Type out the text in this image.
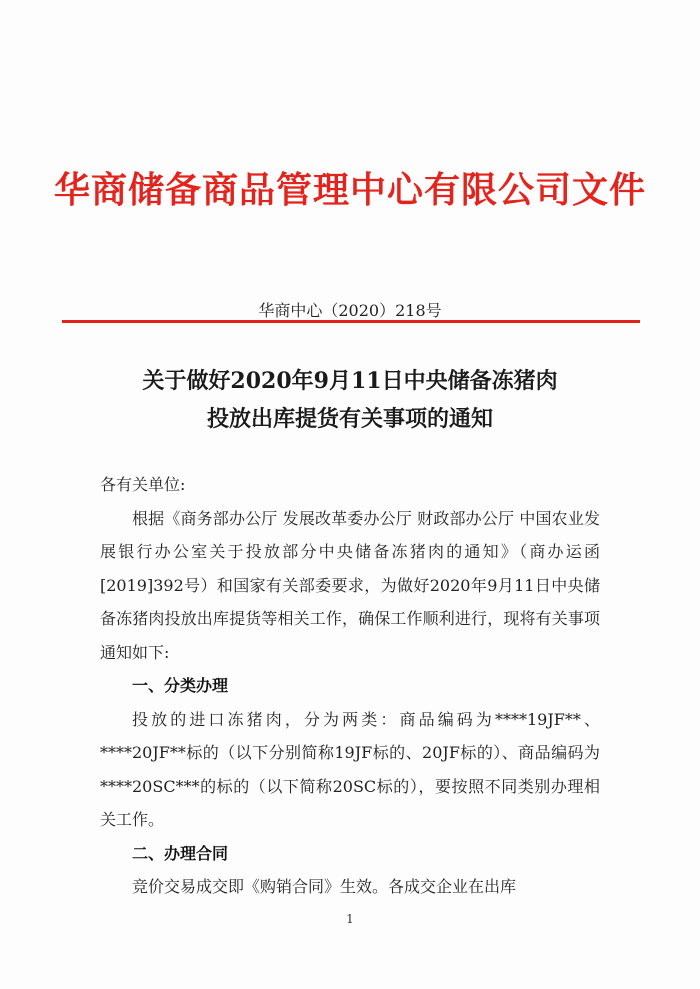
华商储备商品管理中心有限公司文件
华商中心（2020）218号
关于做好2020年9月11日中央储备冻猪肉
投放出库提货有关事项的通知

各有关单位:

根据《商务部办公厅 发展改革委办公厅 财政部办公厅 中国农业发展银行办公室关于投放部分中央储备冻猪肉的通知》（商办运函[2019]392号）和国家有关部委要求，为做好2020年9月11日中央储备冻猪肉投放出库提货等相关工作，确保工作顺利进行，现将有关事项通知如下:

一、分类办理

投放的进口冻猪肉，分为两类：商品编码为****19JF**、****20JF**标的（以下分别简称19JF标的、20JF标的）、商品编码为****20SC***的标的（以下简称20SC标的），要按照不同类别办理相关工作。

二、办理合同

竞价交易成交即《购销合同》生效。各成交企业在出库

1
